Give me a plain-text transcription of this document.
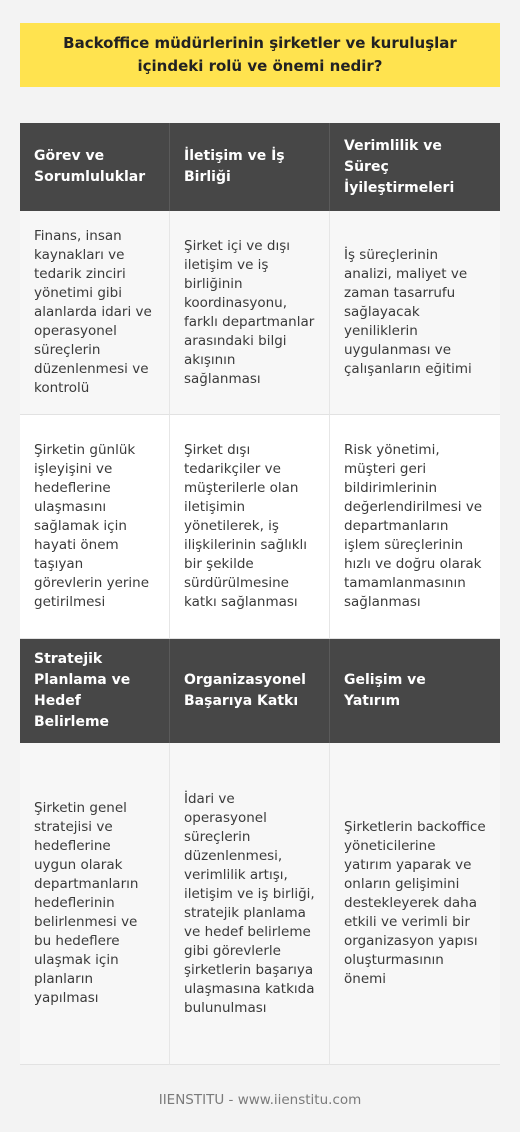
Backoffice müdürlerinin şirketler ve kuruluşlar içindeki rolü ve önemi nedir?
Görev ve Sorumluluklar
İletişim ve İş Birliği
Verimlilik ve Süreç İyileştirmeleri
Finans, insan kaynakları ve tedarik zinciri yönetimi gibi alanlarda idari ve operasyonel süreçlerin düzenlenmesi ve kontrolü
Şirket içi ve dışı iletişim ve iş birliğinin koordinasyonu, farklı departmanlar arasındaki bilgi akışının sağlanması
İş süreçlerinin analizi, maliyet ve zaman tasarrufu sağlayacak yeniliklerin uygulanması ve çalışanların eğitimi
Şirketin günlük işleyişini ve hedeflerine ulaşmasını sağlamak için hayati önem taşıyan görevlerin yerine getirilmesi
Şirket dışı tedarikçiler ve müşterilerle olan iletişimin yönetilerek, iş ilişkilerinin sağlıklı bir şekilde sürdürülmesine katkı sağlanması
Risk yönetimi, müşteri geri bildirimlerinin değerlendirilmesi ve departmanların işlem süreçlerinin hızlı ve doğru olarak tamamlanmasının sağlanması
Stratejik Planlama ve Hedef Belirleme
Organizasyonel Başarıya Katkı
Gelişim ve Yatırım
Şirketin genel stratejisi ve hedeflerine uygun olarak departmanların hedeflerinin belirlenmesi ve bu hedeflere ulaşmak için planların yapılması
İdari ve operasyonel süreçlerin düzenlenmesi, verimlilik artışı, iletişim ve iş birliği, stratejik planlama ve hedef belirleme gibi görevlerle şirketlerin başarıya ulaşmasına katkıda bulunulması
Şirketlerin backoffice yöneticilerine yatırım yaparak ve onların gelişimini destekleyerek daha etkili ve verimli bir organizasyon yapısı oluşturmasının önemi
IIENSTITU - www.iienstitu.com
